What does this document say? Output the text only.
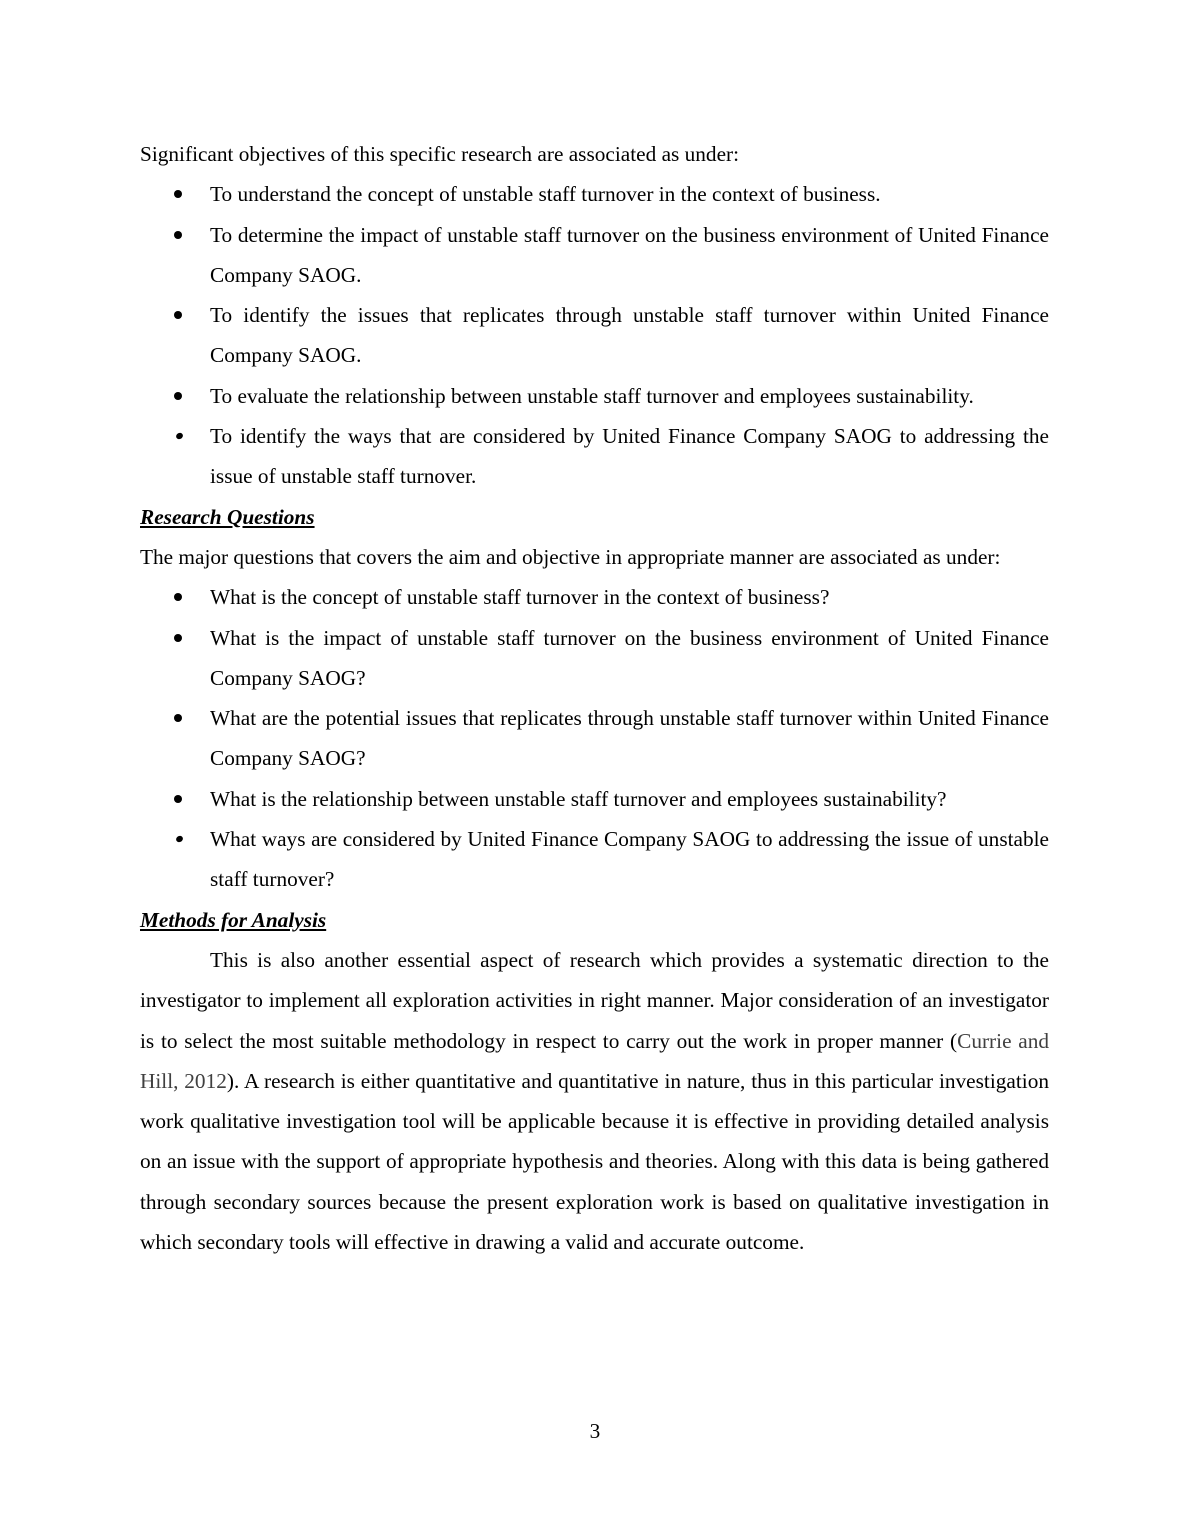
Significant objectives of this specific research are associated as under:

To understand the concept of unstable staff turnover in the context of business.
To determine the impact of unstable staff turnover on the business environment of United Finance Company SAOG.
To identify the issues that replicates through unstable staff turnover within United Finance Company SAOG.
To evaluate the relationship between unstable staff turnover and employees sustainability.
To identify the ways that are considered by United Finance Company SAOG to addressing the issue of unstable staff turnover.

Research Questions

The major questions that covers the aim and objective in appropriate manner are associated as under:

What is the concept of unstable staff turnover in the context of business?
What is the impact of unstable staff turnover on the business environment of United Finance Company SAOG?
What are the potential issues that replicates through unstable staff turnover within United Finance Company SAOG?
What is the relationship between unstable staff turnover and employees sustainability?
What ways are considered by United Finance Company SAOG to addressing the issue of unstable staff turnover?

Methods for Analysis

This is also another essential aspect of research which provides a systematic direction to the investigator to implement all exploration activities in right manner. Major consideration of an investigator is to select the most suitable methodology in respect to carry out the work in proper manner (Currie and Hill, 2012). A research is either quantitative and quantitative in nature, thus in this particular investigation work qualitative investigation tool will be applicable because it is effective in providing detailed analysis on an issue with the support of appropriate hypothesis and theories. Along with this data is being gathered through secondary sources because the present exploration work is based on qualitative investigation in which secondary tools will effective in drawing a valid and accurate outcome.

3
